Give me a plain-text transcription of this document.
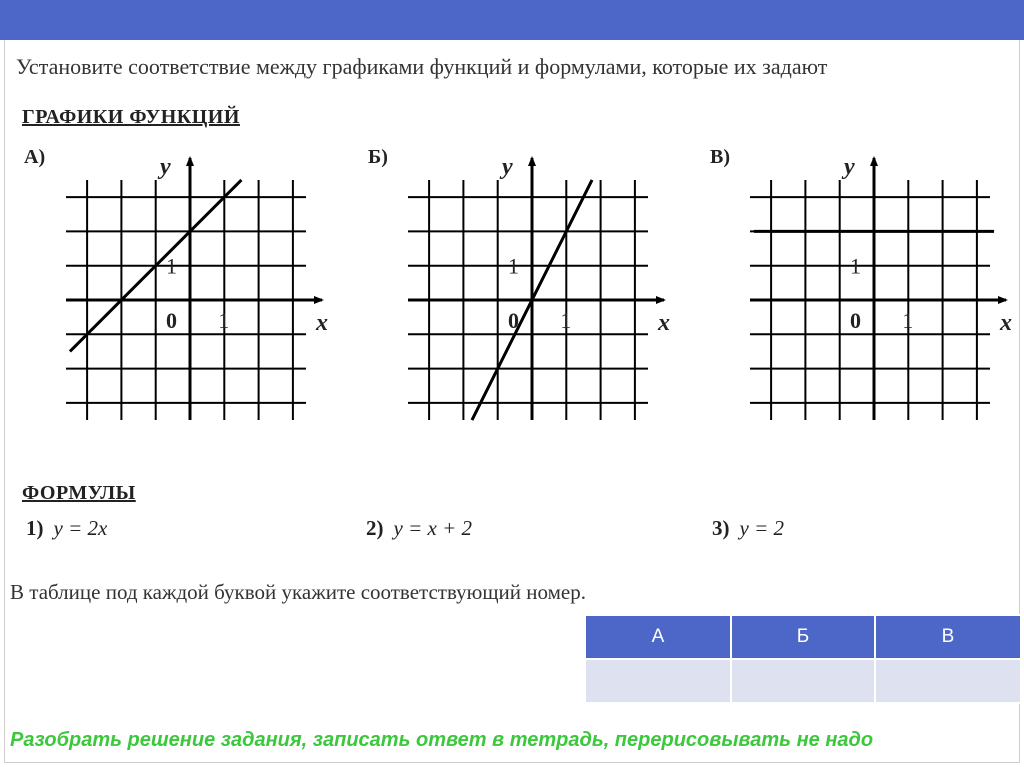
Установите соответствие между графиками функций и формулами, которые их задают
ГРАФИКИ ФУНКЦИЙ
А)	Б)	В)
0 1
1
x
y
0 1
1
x
y
0 1
1
x
y
ФОРМУЛЫ
1) y = 2x	2) y = x + 2	3) y = 2
В таблице под каждой буквой укажите соответствующий номер.
А	Б	В

Разобрать решение задания, записать ответ в тетрадь, перерисовывать не надо
